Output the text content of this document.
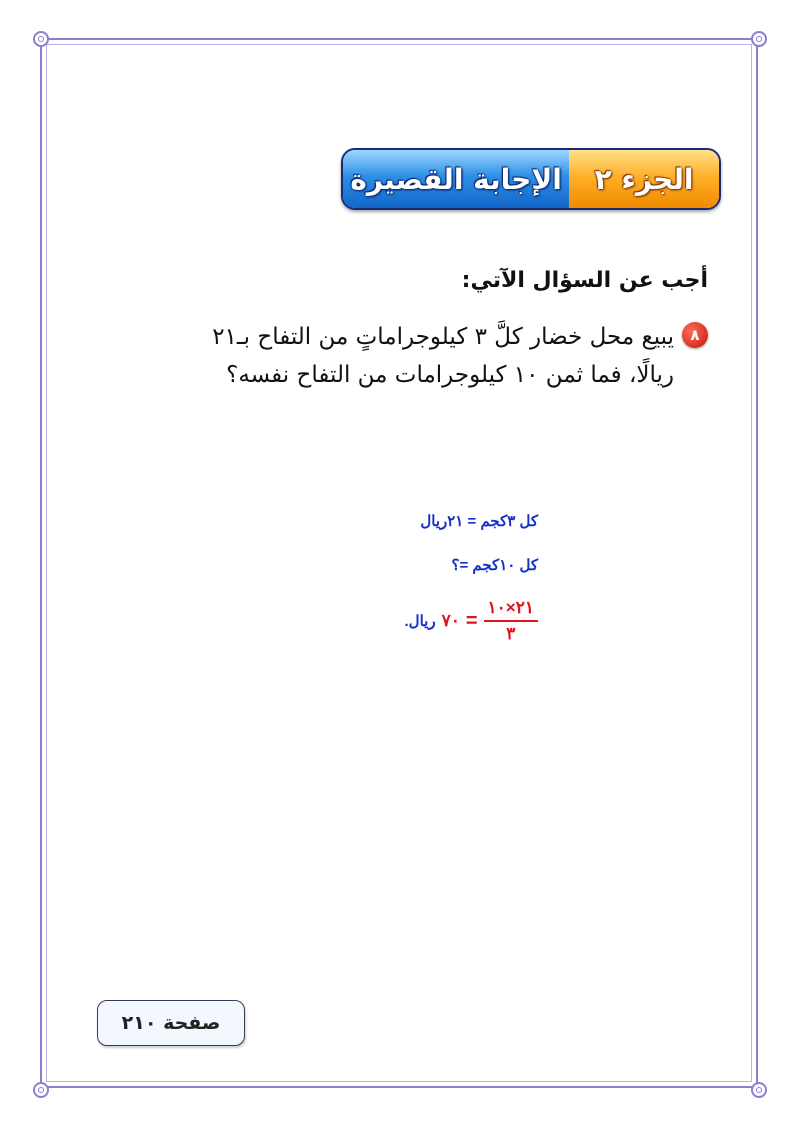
الإجابة القصيرة الجزء ٢
أجب عن السؤال الآتي:
٨
يبيع محل خضار كلَّ ٣ كيلوجراماتٍ من التفاح بـ٢١ ريالًا، فما ثمن ١٠ كيلوجرامات من التفاح نفسه؟
كل ٣كجم = ٢١ريال
كل ١٠كجم =؟
$\frac{٢١\times ١٠}{٣}$
=
٧٠
ريال.
صفحة ٢١٠
